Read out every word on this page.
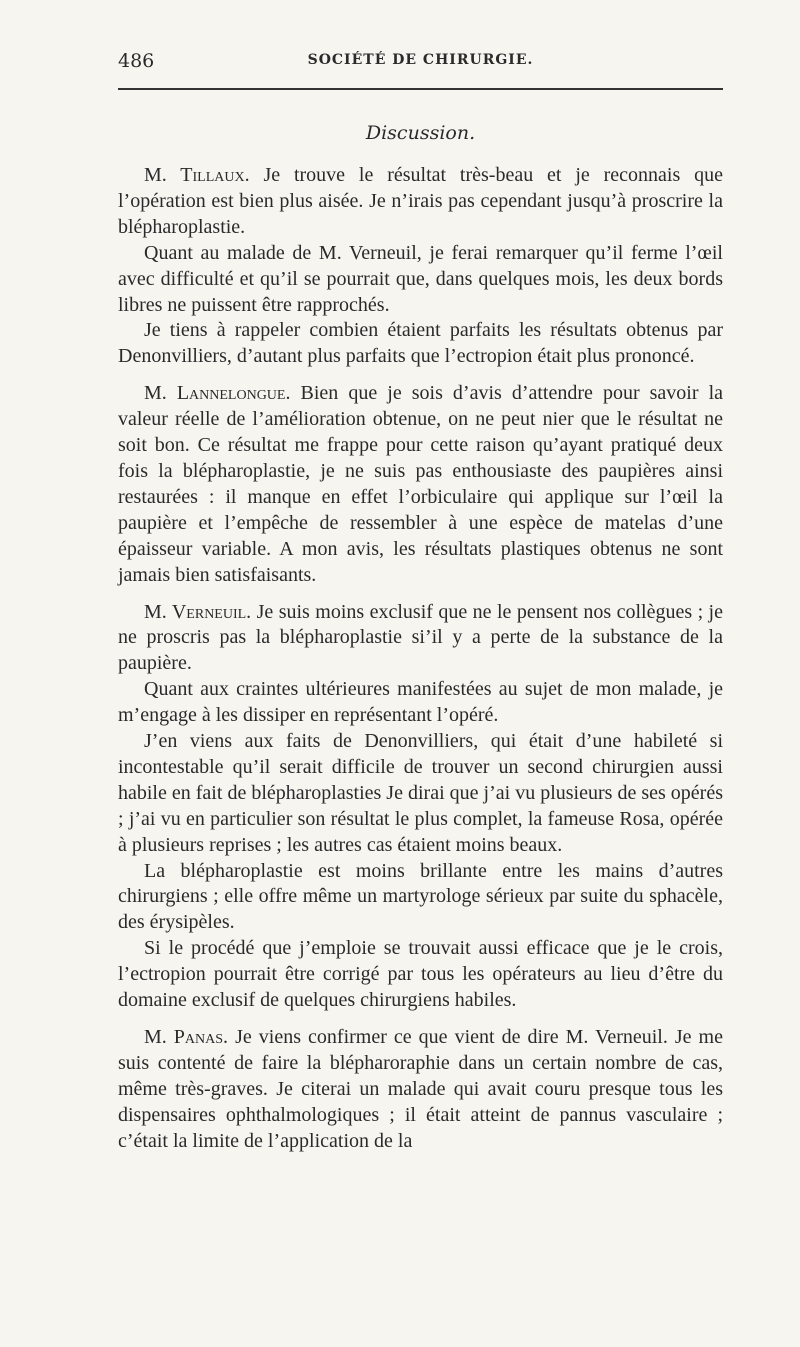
486	SOCIÉTÉ DE CHIRURGIE.
Discussion.

M. Tillaux. Je trouve le résultat très-beau et je reconnais que l’opération est bien plus aisée. Je n’irais pas cependant jusqu’à proscrire la blépharoplastie.

Quant au malade de M. Verneuil, je ferai remarquer qu’il ferme l’œil avec difficulté et qu’il se pourrait que, dans quelques mois, les deux bords libres ne puissent être rapprochés.

Je tiens à rappeler combien étaient parfaits les résultats obtenus par Denonvilliers, d’autant plus parfaits que l’ectropion était plus prononcé.

M. Lannelongue. Bien que je sois d’avis d’attendre pour savoir la valeur réelle de l’amélioration obtenue, on ne peut nier que le résultat ne soit bon. Ce résultat me frappe pour cette raison qu’ayant pratiqué deux fois la blépharoplastie, je ne suis pas enthousiaste des paupières ainsi restaurées : il manque en effet l’orbiculaire qui applique sur l’œil la paupière et l’empêche de ressembler à une espèce de matelas d’une épaisseur variable. A mon avis, les résultats plastiques obtenus ne sont jamais bien satisfaisants.

M. Verneuil. Je suis moins exclusif que ne le pensent nos collègues ; je ne proscris pas la blépharoplastie si’il y a perte de la substance de la paupière.

Quant aux craintes ultérieures manifestées au sujet de mon malade, je m’engage à les dissiper en représentant l’opéré.

J’en viens aux faits de Denonvilliers, qui était d’une habileté si incontestable qu’il serait difficile de trouver un second chirurgien aussi habile en fait de blépharoplasties Je dirai que j’ai vu plusieurs de ses opérés ; j’ai vu en particulier son résultat le plus complet, la fameuse Rosa, opérée à plusieurs reprises ; les autres cas étaient moins beaux.

La blépharoplastie est moins brillante entre les mains d’autres chirurgiens ; elle offre même un martyrologe sérieux par suite du sphacèle, des érysipèles.

Si le procédé que j’emploie se trouvait aussi efficace que je le crois, l’ectropion pourrait être corrigé par tous les opérateurs au lieu d’être du domaine exclusif de quelques chirurgiens habiles.

M. Panas. Je viens confirmer ce que vient de dire M. Verneuil. Je me suis contenté de faire la blépharoraphie dans un certain nombre de cas, même très-graves. Je citerai un malade qui avait couru presque tous les dispensaires ophthalmologiques ; il était atteint de pannus vasculaire ; c’était la limite de l’application de la
